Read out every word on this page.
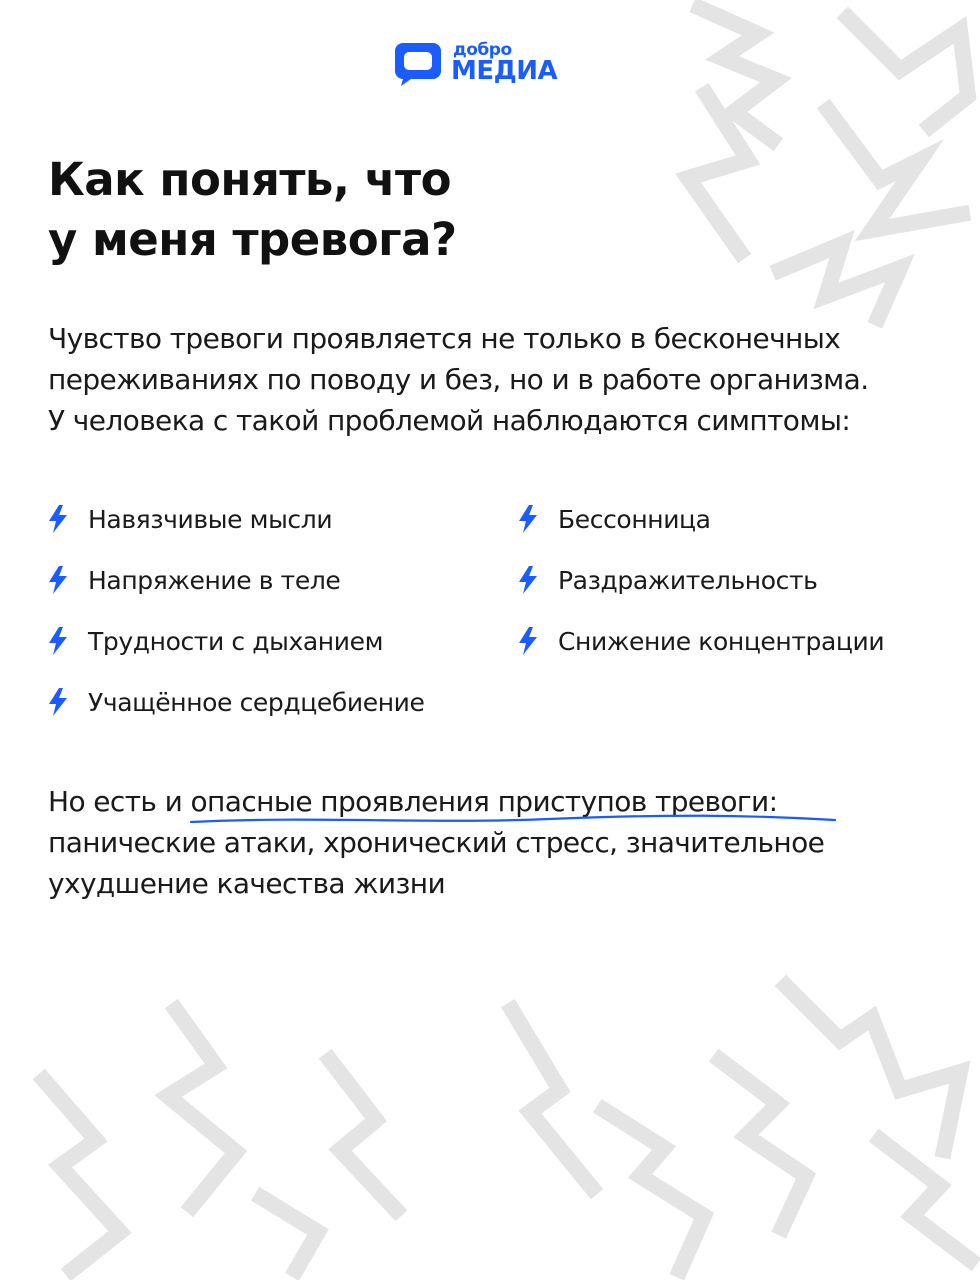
добро
МЕДИА
Как понять, что
у меня тревога?

Чувство тревоги проявляется не только в бесконечных
переживаниях по поводу и без, но и в работе организма.
У человека с такой проблемой наблюдаются симптомы:

Навязчивые мысли
Напряжение в теле
Трудности с дыханием
Учащённое сердцебиение
Бессонница
Раздражительность
Снижение концентрации

Но есть и опасные проявления приступов тревоги:

панические атаки, хронический стресс, значительное
ухудшение качества жизни
